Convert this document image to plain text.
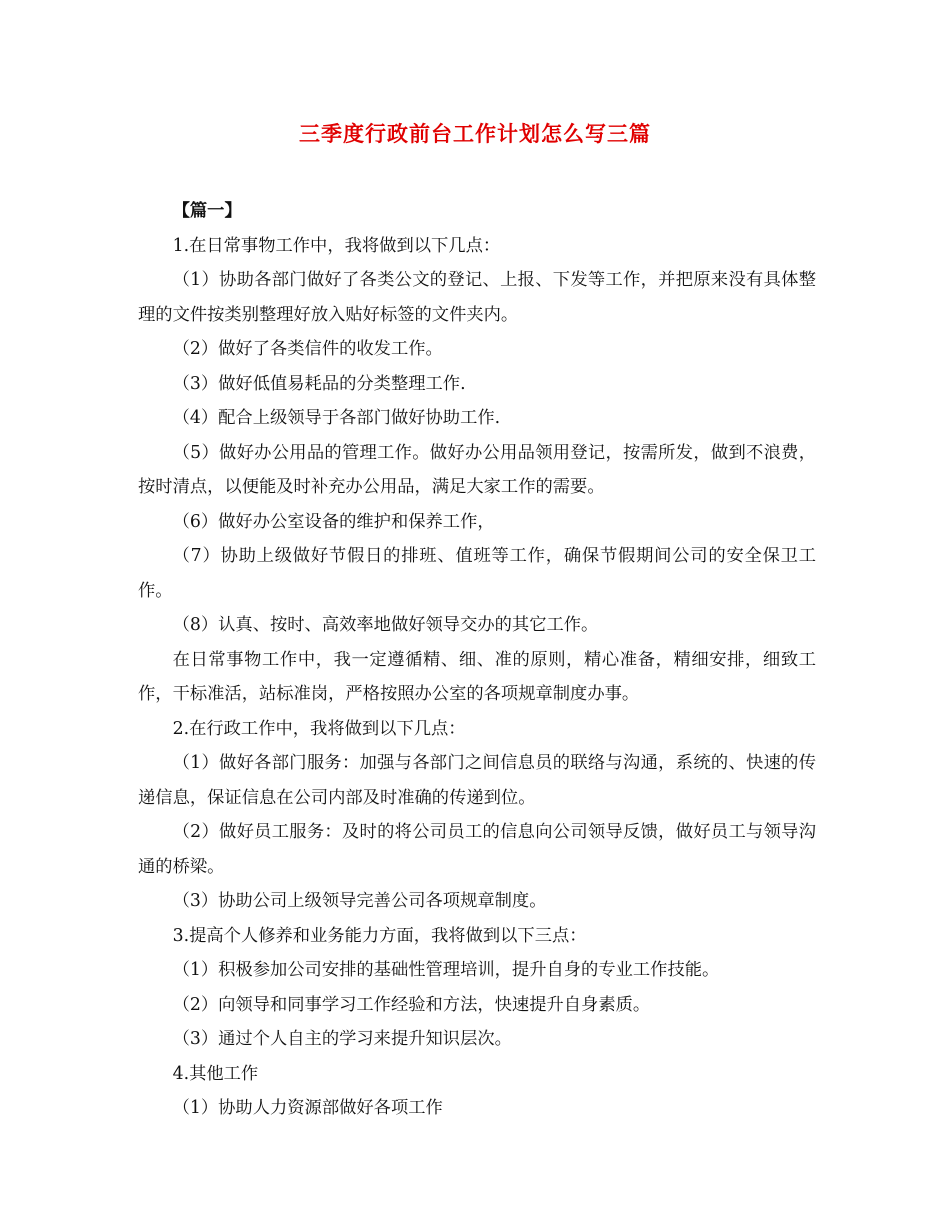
三季度行政前台工作计划怎么写三篇

【篇一】

1.在日常事物工作中，我将做到以下几点：

（1）协助各部门做好了各类公文的登记、上报、下发等工作，并把原来没有具体整理的文件按类别整理好放入贴好标签的文件夹内。

（2）做好了各类信件的收发工作。

（3）做好低值易耗品的分类整理工作.

（4）配合上级领导于各部门做好协助工作.

（5）做好办公用品的管理工作。做好办公用品领用登记，按需所发，做到不浪费，按时清点，以便能及时补充办公用品，满足大家工作的需要。

（6）做好办公室设备的维护和保养工作，

（7）协助上级做好节假日的排班、值班等工作，确保节假期间公司的安全保卫工作。

（8）认真、按时、高效率地做好领导交办的其它工作。

在日常事物工作中，我一定遵循精、细、准的原则，精心准备，精细安排，细致工作，干标准活，站标准岗，严格按照办公室的各项规章制度办事。

2.在行政工作中，我将做到以下几点：

（1）做好各部门服务：加强与各部门之间信息员的联络与沟通，系统的、快速的传递信息，保证信息在公司内部及时准确的传递到位。

（2）做好员工服务：及时的将公司员工的信息向公司领导反馈，做好员工与领导沟通的桥梁。

（3）协助公司上级领导完善公司各项规章制度。

3.提高个人修养和业务能力方面，我将做到以下三点：

（1）积极参加公司安排的基础性管理培训，提升自身的专业工作技能。

（2）向领导和同事学习工作经验和方法，快速提升自身素质。

（3）通过个人自主的学习来提升知识层次。

4.其他工作

（1）协助人力资源部做好各项工作
